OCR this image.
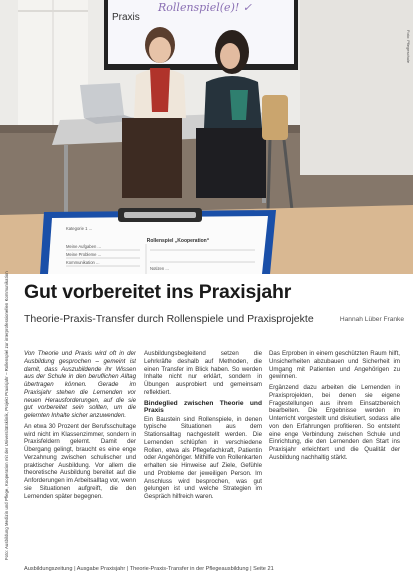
Praxis
Rollenspiel(e)! ✓
Rollenspiel „Kooperation“
Kategorie 1 ...
Meine Aufgaben ...
Meine Probleme ...
Kommunikation ...
Notizen ...
Foto: Pflegeschule
Foto: Ausbildung Medizin und Pflege, Kooperation mit der Universitätsklinik, Projekt Praxisjahr – Rollenspiel zur interprofessionellen Kommunikation Gut vorbereitet ins Praxisjahr
Theorie-Praxis-Transfer durch Rollenspiele und Praxisprojekte	Hannah Lüber Franke

Von Theorie und Praxis wird oft in der Ausbildung gesprochen – gemeint ist damit, dass Auszubildende ihr Wissen aus der Schule in den beruflichen Alltag übertragen können. Gerade im Praxisjahr stehen die Lernenden vor neuen Herausforderungen, auf die sie gut vorbereitet sein sollten, um die gelernten Inhalte sicher anzuwenden.

An etwa 30 Prozent der Berufsschultage wird nicht im Klassenzimmer, sondern in Praxisfeldern gelernt. Damit der Übergang gelingt, braucht es eine enge Verzahnung zwischen schulischer und praktischer Ausbildung. Vor allem die theoretische Ausbildung bereitet auf die Anforderungen im Arbeitsalltag vor, wenn sie Situationen aufgreift, die den Lernenden später begegnen.

Ausbildungsbegleitend setzen die Lehrkräfte deshalb auf Methoden, die einen Transfer im Blick haben. So werden Inhalte nicht nur erklärt, sondern in Übungen ausprobiert und gemeinsam reflektiert.

Bindeglied zwischen Theorie und Praxis

Ein Baustein sind Rollenspiele, in denen typische Situationen aus dem Stationsalltag nachgestellt werden. Die Lernenden schlüpfen in verschiedene Rollen, etwa als Pflegefachkraft, Patientin oder Angehöriger. Mithilfe von Rollenkarten erhalten sie Hinweise auf Ziele, Gefühle und Probleme der jeweiligen Person. Im Anschluss wird besprochen, was gut gelungen ist und welche Strategien im Gespräch hilfreich waren.

Das Erproben in einem geschützten Raum hilft, Unsicherheiten abzubauen und Sicherheit im Umgang mit Patienten und Angehörigen zu gewinnen.

Ergänzend dazu arbeiten die Lernenden in Praxisprojekten, bei denen sie eigene Fragestellungen aus ihrem Einsatzbereich bearbeiten. Die Ergebnisse werden im Unterricht vorgestellt und diskutiert, sodass alle von den Erfahrungen profitieren. So entsteht eine enge Verbindung zwischen Schule und Einrichtung, die den Lernenden den Start ins Praxisjahr erleichtert und die Qualität der Ausbildung nachhaltig stärkt.

Ausbildungszeitung | Ausgabe Praxisjahr | Theorie-Praxis-Transfer in der Pflegeausbildung | Seite 21
